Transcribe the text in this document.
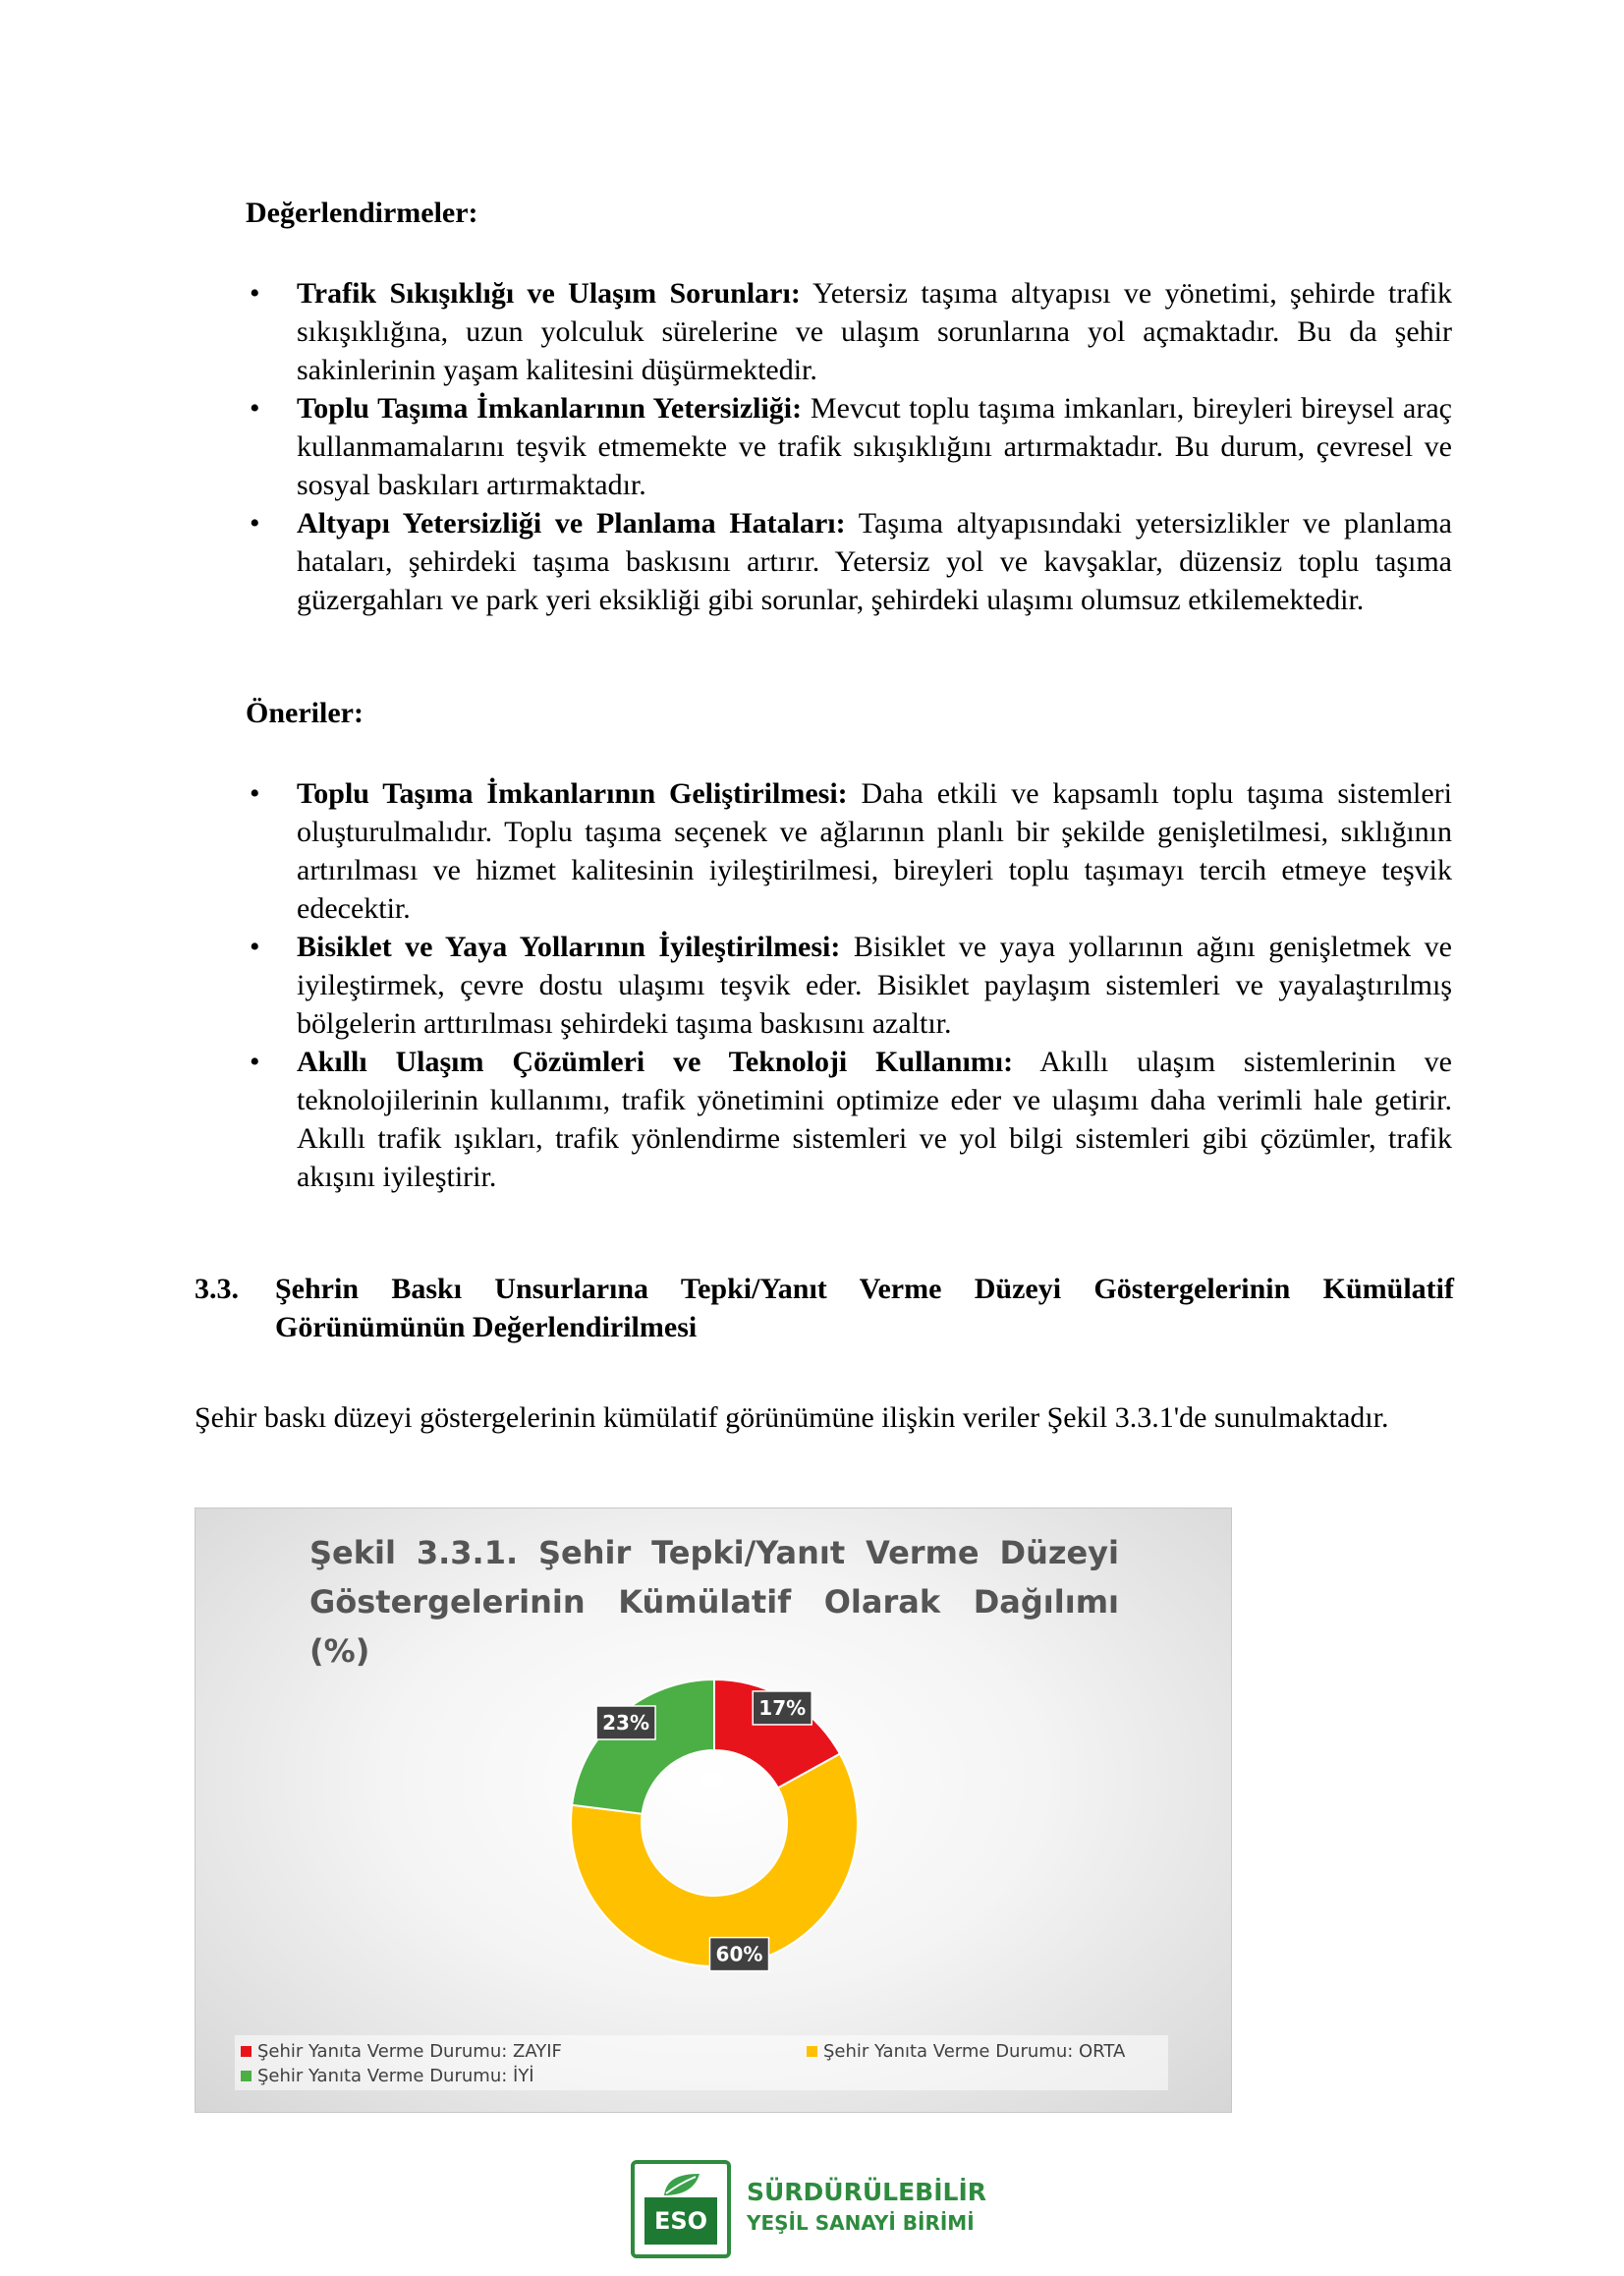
Değerlendirmeler:
• Trafik Sıkışıklığı ve Ulaşım Sorunları: Yetersiz taşıma altyapısı ve yönetimi, şehirde trafik sıkışıklığına, uzun yolculuk sürelerine ve ulaşım sorunlarına yol açmaktadır. Bu da şehir sakinlerinin yaşam kalitesini düşürmektedir.
• Toplu Taşıma İmkanlarının Yetersizliği: Mevcut toplu taşıma imkanları, bireyleri bireysel araç kullanmamalarını teşvik etmemekte ve trafik sıkışıklığını artırmaktadır. Bu durum, çevresel ve sosyal baskıları artırmaktadır.
• Altyapı Yetersizliği ve Planlama Hataları: Taşıma altyapısındaki yetersizlikler ve planlama hataları, şehirdeki taşıma baskısını artırır. Yetersiz yol ve kavşaklar, düzensiz toplu taşıma güzergahları ve park yeri eksikliği gibi sorunlar, şehirdeki ulaşımı olumsuz etkilemektedir.
Öneriler:
• Toplu Taşıma İmkanlarının Geliştirilmesi: Daha etkili ve kapsamlı toplu taşıma sistemleri oluşturulmalıdır. Toplu taşıma seçenek ve ağlarının planlı bir şekilde genişletilmesi, sıklığının artırılması ve hizmet kalitesinin iyileştirilmesi, bireyleri toplu taşımayı tercih etmeye teşvik edecektir.
• Bisiklet ve Yaya Yollarının İyileştirilmesi: Bisiklet ve yaya yollarının ağını genişletmek ve iyileştirmek, çevre dostu ulaşımı teşvik eder. Bisiklet paylaşım sistemleri ve yayalaştırılmış bölgelerin arttırılması şehirdeki taşıma baskısını azaltır.
• Akıllı Ulaşım Çözümleri ve Teknoloji Kullanımı: Akıllı ulaşım sistemlerinin ve teknolojilerinin kullanımı, trafik yönetimini optimize eder ve ulaşımı daha verimli hale getirir. Akıllı trafik ışıkları, trafik yönlendirme sistemleri ve yol bilgi sistemleri gibi çözümler, trafik akışını iyileştirir.
3.3. Şehrin Baskı Unsurlarına Tepki/Yanıt Verme Düzeyi Göstergelerinin Kümülatif Görünümünün Değerlendirilmesi
Şehir baskı düzeyi göstergelerinin kümülatif görünümüne ilişkin veriler Şekil 3.3.1'de sunulmaktadır.
Şekil 3.3.1. Şehir Tepki/Yanıt Verme Düzeyi Göstergelerinin Kümülatif Olarak Dağılımı (%)
17%
60%
23%
Şehir Yanıta Verme Durumu: ZAYIF	Şehir Yanıta Verme Durumu: ORTA
Şehir Yanıta Verme Durumu: İYİ
ESO
SÜRDÜRÜLEBİLİR
YEŞİL SANAYİ BİRİMİ
